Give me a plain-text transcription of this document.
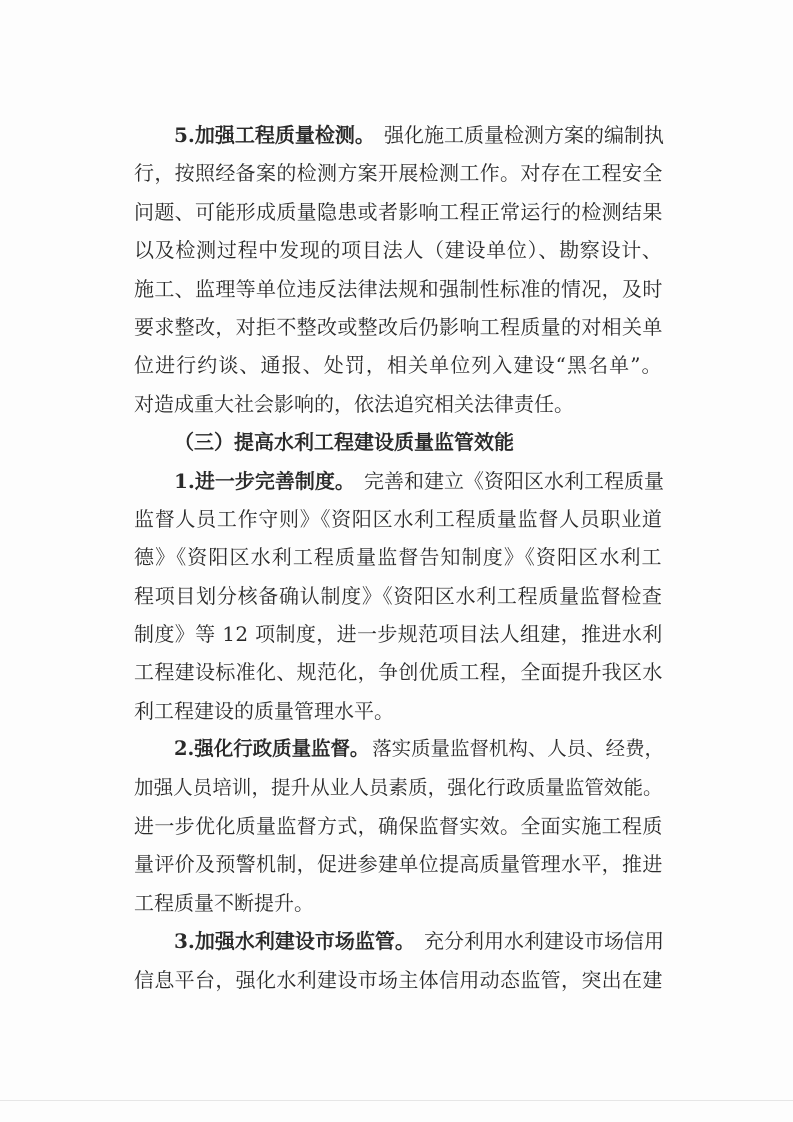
5.加强工程质量检测。 强化施工质量检测方案的编制执
行，按照经备案的检测方案开展检测工作。对存在工程安全
问题、可能形成质量隐患或者影响工程正常运行的检测结果
以及检测过程中发现的项目法人（建设单位）、勘察设计、
施工、监理等单位违反法律法规和强制性标准的情况，及时
要求整改，对拒不整改或整改后仍影响工程质量的对相关单
位进行约谈、通报、处罚，相关单位列入建设“黑名单”。
对造成重大社会影响的，依法追究相关法律责任。
（三）提高水利工程建设质量监管效能
1.进一步完善制度。 完善和建立《资阳区水利工程质量
监督人员工作守则》《资阳区水利工程质量监督人员职业道
德》《资阳区水利工程质量监督告知制度》《资阳区水利工
程项目划分核备确认制度》《资阳区水利工程质量监督检查
制度》等 12 项制度，进一步规范项目法人组建，推进水利
工程建设标准化、规范化，争创优质工程，全面提升我区水
利工程建设的质量管理水平。
2.强化行政质量监督。 落实质量监督机构、人员、经费，
加强人员培训，提升从业人员素质，强化行政质量监管效能。
进一步优化质量监督方式，确保监督实效。全面实施工程质
量评价及预警机制，促进参建单位提高质量管理水平，推进
工程质量不断提升。
3.加强水利建设市场监管。 充分利用水利建设市场信用
信息平台，强化水利建设市场主体信用动态监管，突出在建
